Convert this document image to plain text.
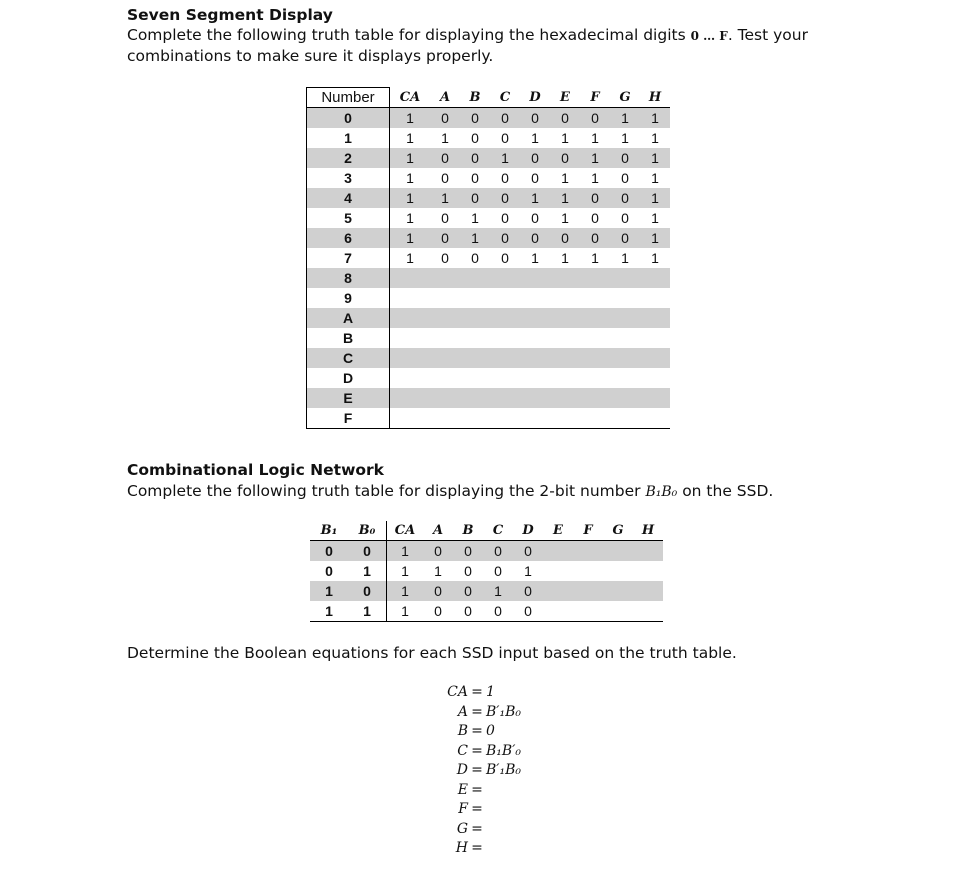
Seven Segment Display
Complete the following truth table for displaying the hexadecimal digits 0 … F. Test your combinations to make sure it displays properly.
Number	CA	A	B	C	D	E	F	G	H
0	1	0	0	0	0	0	0	1	1
1	1	1	0	0	1	1	1	1	1
2	1	0	0	1	0	0	1	0	1
3	1	0	0	0	0	1	1	0	1
4	1	1	0	0	1	1	0	0	1
5	1	0	1	0	0	1	0	0	1
6	1	0	1	0	0	0	0	0	1
7	1	0	0	0	1	1	1	1	1
8									
9									
A									
B									
C									
D									
E									
F									
Combinational Logic Network
Complete the following truth table for displaying the 2-bit number B₁B₀ on the SSD.
B₁	B₀	CA	A	B	C	D	E	F	G	H
0	0	1	0	0	0	0				
0	1	1	1	0	0	1				
1	0	1	0	0	1	0				
1	1	1	0	0	0	0				
Determine the Boolean equations for each SSD input based on the truth table.
CA = 1
A = B′₁B₀
B = 0
C = B₁B′₀
D = B′₁B₀
E =
F =
G =
H =
